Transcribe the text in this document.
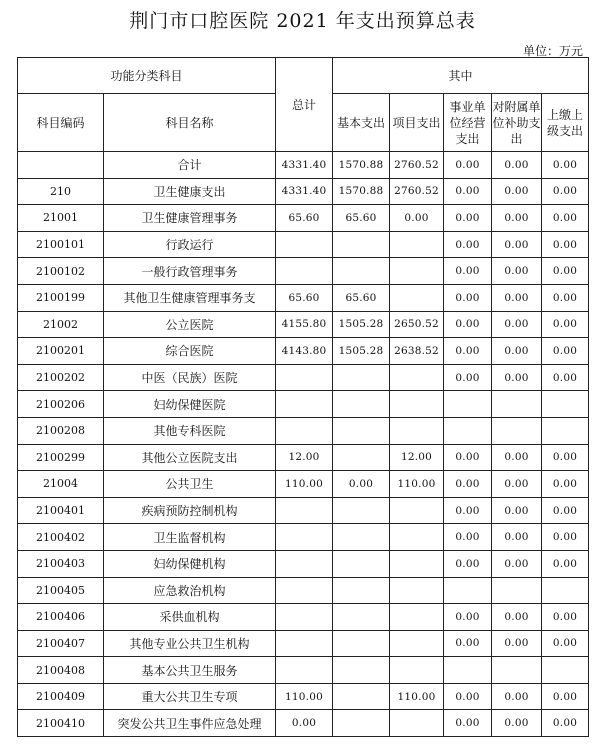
荆门市口腔医院 2021 年支出预算总表
单位：万元
功能分类科目		总计	其中				
科目编码	科目名称		基本支出	项目支出	事业单位经营支出	对附属单位补助支出	上缴上级支出
	合计	4331.40	1570.88	2760.52	0.00	0.00	0.00
210	卫生健康支出	4331.40	1570.88	2760.52	0.00	0.00	0.00
21001	卫生健康管理事务	65.60	65.60	0.00	0.00	0.00	0.00
2100101	行政运行				0.00	0.00	0.00
2100102	一般行政管理事务				0.00	0.00	0.00
2100199	其他卫生健康管理事务支	65.60	65.60		0.00	0.00	0.00
21002	公立医院	4155.80	1505.28	2650.52	0.00	0.00	0.00
2100201	综合医院	4143.80	1505.28	2638.52	0.00	0.00	0.00
2100202	中医（民族）医院				0.00	0.00	0.00
2100206	妇幼保健医院						
2100208	其他专科医院						
2100299	其他公立医院支出	12.00		12.00	0.00	0.00	0.00
21004	公共卫生	110.00	0.00	110.00	0.00	0.00	0.00
2100401	疾病预防控制机构				0.00	0.00	0.00
2100402	卫生监督机构				0.00	0.00	0.00
2100403	妇幼保健机构				0.00	0.00	0.00
2100405	应急救治机构						
2100406	采供血机构				0.00	0.00	0.00
2100407	其他专业公共卫生机构				0.00	0.00	0.00
2100408	基本公共卫生服务						
2100409	重大公共卫生专项	110.00		110.00	0.00	0.00	0.00
2100410	突发公共卫生事件应急处理	0.00			0.00	0.00	0.00
